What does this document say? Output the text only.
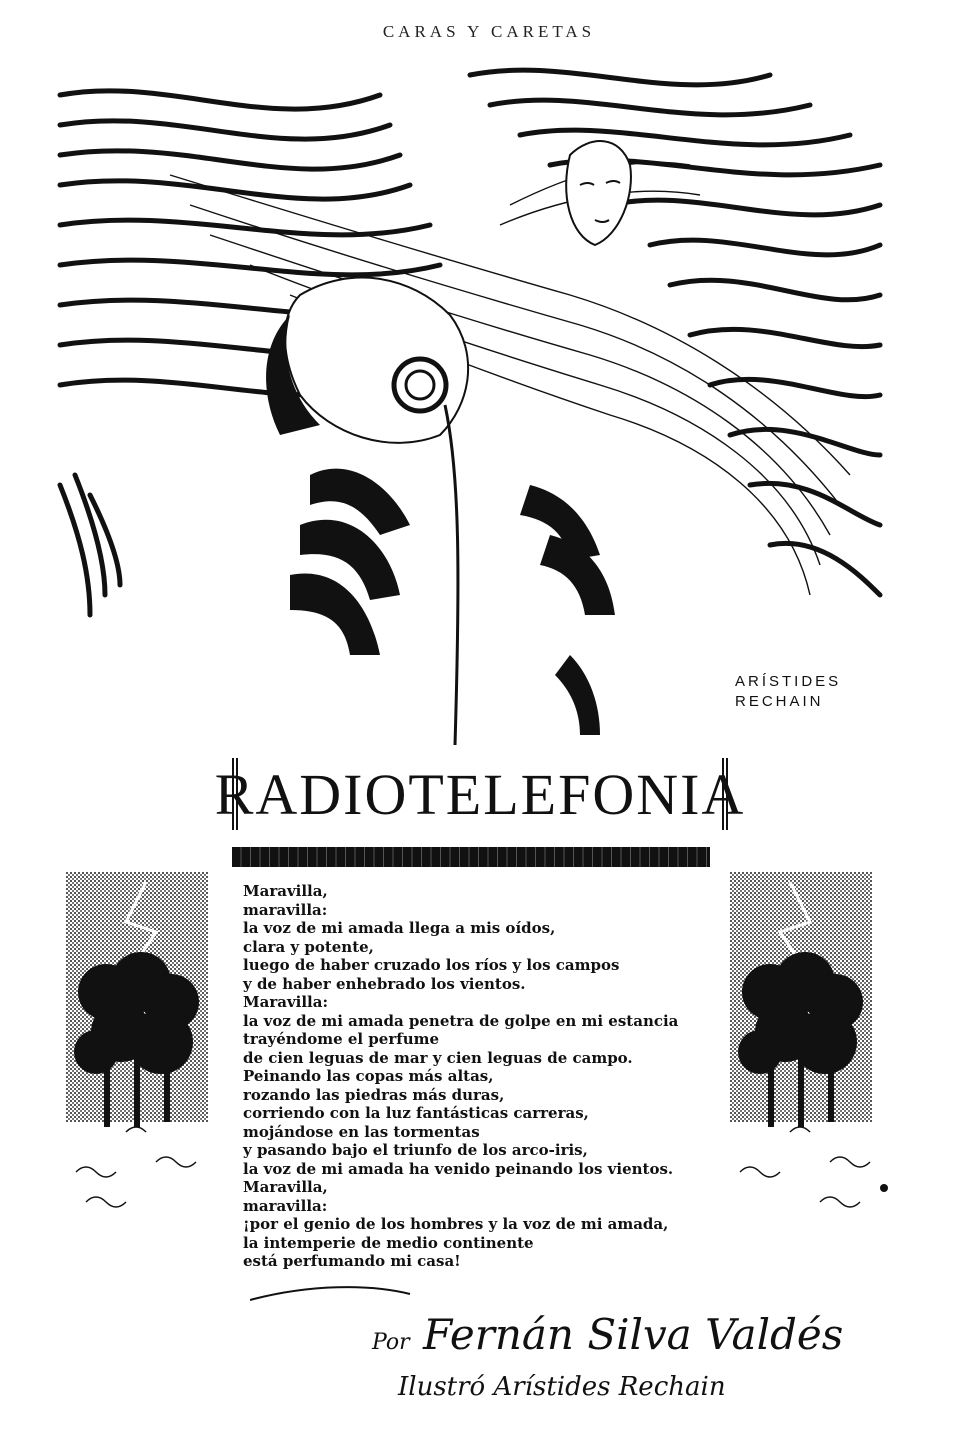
CARAS Y CARETAS
ARÍSTIDES
RECHAIN
RADIOTELEFONIA
Maravilla,
maravilla:
la voz de mi amada llega a mis oídos,
clara y potente,
luego de haber cruzado los ríos y los campos
y de haber enhebrado los vientos.
Maravilla:
la voz de mi amada penetra de golpe en mi estancia
trayéndome el perfume
de cien leguas de mar y cien leguas de campo.
Peinando las copas más altas,
rozando las piedras más duras,
corriendo con la luz fantásticas carreras,
mojándose en las tormentas
y pasando bajo el triunfo de los arco-iris,
la voz de mi amada ha venido peinando los vientos.
Maravilla,
maravilla:
¡por el genio de los hombres y la voz de mi amada,
la intemperie de medio continente
está perfumando mi casa!
Por Fernán Silva Valdés
Ilustró Arístides Rechain
